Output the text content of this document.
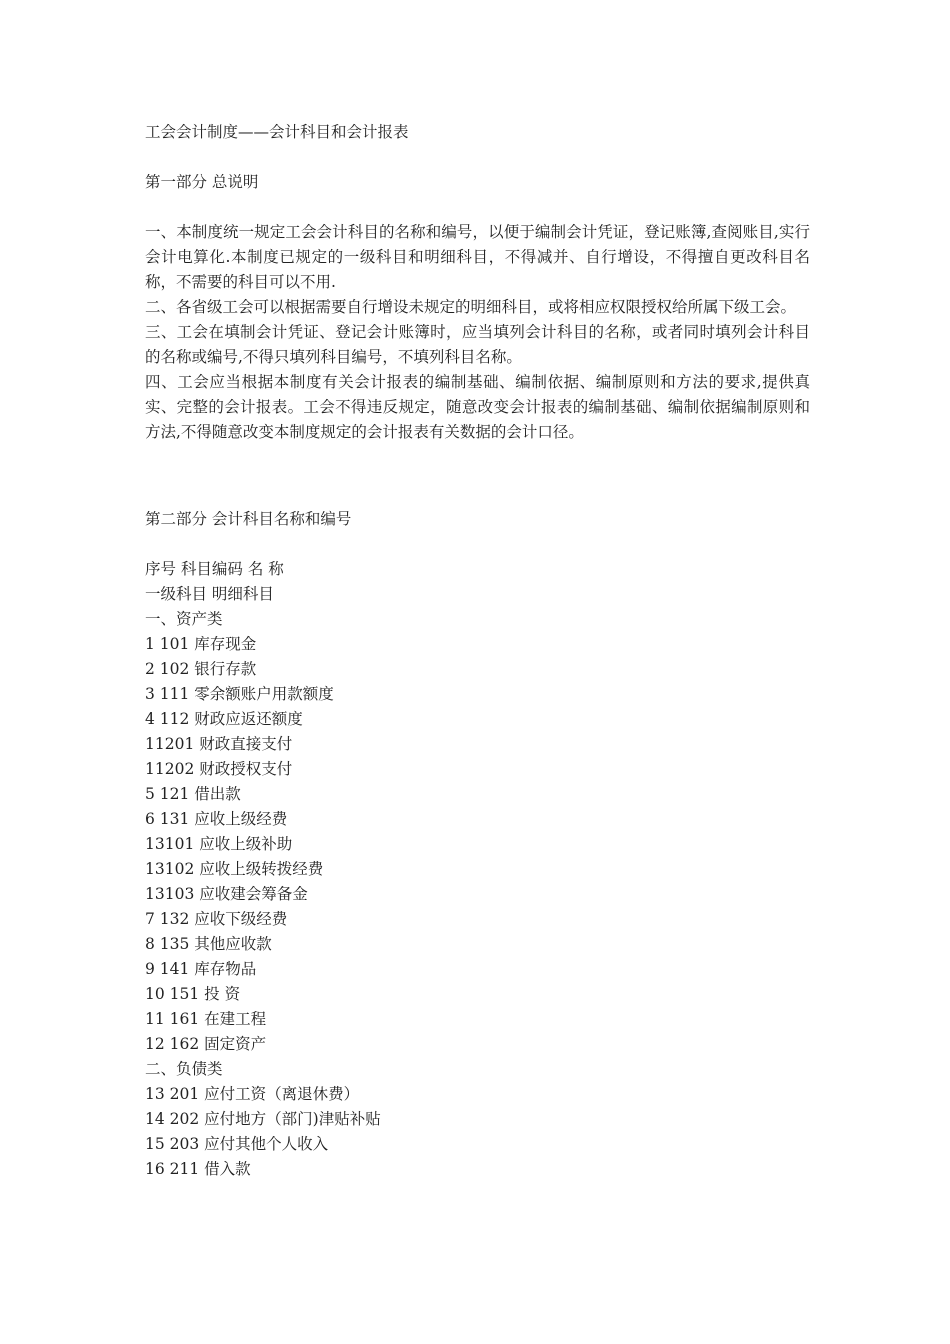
工会会计制度——会计科目和会计报表
第一部分 总说明
一、本制度统一规定工会会计科目的名称和编号，以便于编制会计凭证，登记账簿,查阅账目,实行会计电算化.本制度已规定的一级科目和明细科目，不得减并、自行增设，不得擅自更改科目名称，不需要的科目可以不用.
二、各省级工会可以根据需要自行增设未规定的明细科目，或将相应权限授权给所属下级工会。
三、工会在填制会计凭证、登记会计账簿时，应当填列会计科目的名称，或者同时填列会计科目的名称或编号,不得只填列科目编号，不填列科目名称。
四、工会应当根据本制度有关会计报表的编制基础、编制依据、编制原则和方法的要求,提供真实、完整的会计报表。工会不得违反规定，随意改变会计报表的编制基础、编制依据编制原则和方法,不得随意改变本制度规定的会计报表有关数据的会计口径。
第二部分 会计科目名称和编号
序号 科目编码 名 称
一级科目 明细科目
一、资产类
1 101 库存现金
2 102 银行存款
3 111 零余额账户用款额度
4 112 财政应返还额度
11201 财政直接支付
11202 财政授权支付
5 121 借出款
6 131 应收上级经费
13101 应收上级补助
13102 应收上级转拨经费
13103 应收建会筹备金
7 132 应收下级经费
8 135 其他应收款
9 141 库存物品
10 151 投 资
11 161 在建工程
12 162 固定资产
二、负债类
13 201 应付工资（离退休费）
14 202 应付地方（部门)津贴补贴
15 203 应付其他个人收入
16 211 借入款
